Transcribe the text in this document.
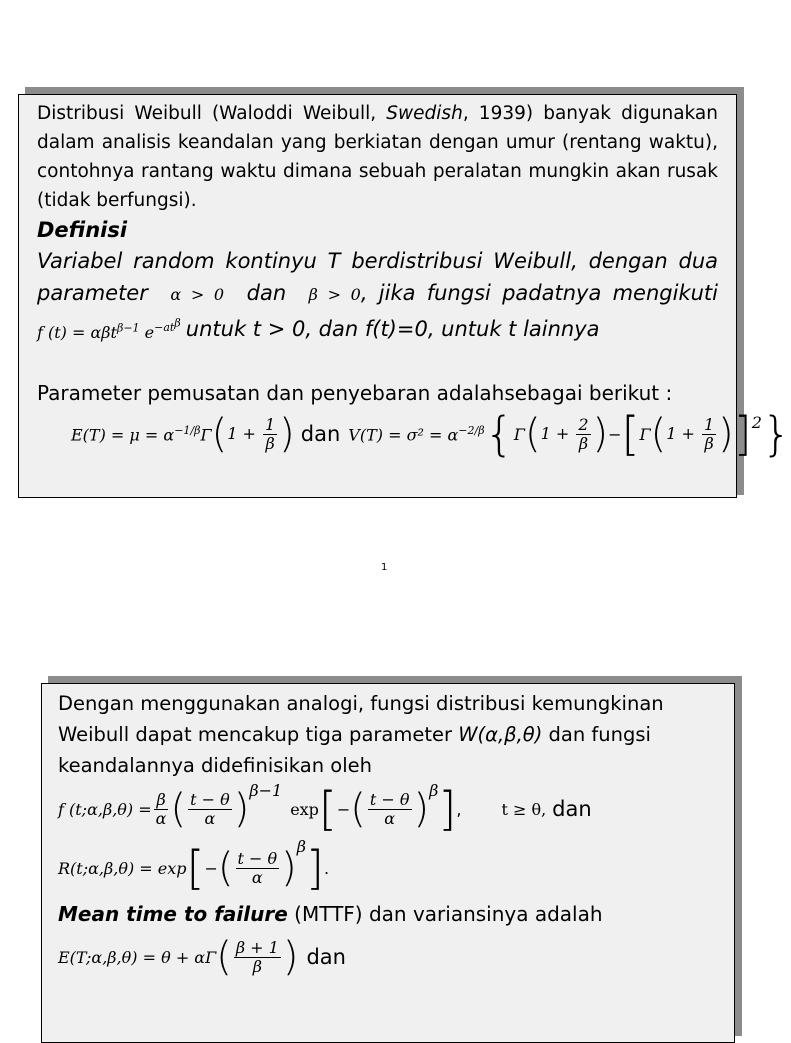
Distribusi Weibull (Waloddi Weibull, Swedish, 1939) banyak digunakan dalam analisis keandalan yang berkiatan dengan umur (rentang waktu), contohnya rantang waktu dimana sebuah peralatan mungkin akan rusak (tidak berfungsi).

Definisi

Variabel random kontinyu T berdistribusi Weibull, dengan dua parameter α > 0 dan β > 0, jika fungsi padatnya mengikuti

f (t) = αβt$^{\beta-1}$ $e^{-at^\beta}$
untuk t > 0, dan f(t)=0, untuk t lainnya

Parameter pemusatan dan penyebaran adalahsebagai berikut :

$E(T) = \mu = \alpha^{-1/\beta}\Gamma$ ( $1 + \frac{1}{\beta}$ ) dan $V(T) = \sigma^2 = \alpha^{-2/\beta}$ { Γ ( $1 + \frac{2}{\beta}$ ) − [ Γ ( $1 + \frac{1}{\beta}$ ) ] 2 }
1

Dengan menggunakan analogi, fungsi distribusi kemungkinan Weibull dapat mencakup tiga parameter W(α,β,θ) dan fungsi keandalannya didefinisikan oleh

f (t;α,β,θ) = $\frac{\beta}{\alpha}$ ( $\frac{t - \theta}{\alpha}$ ) β−1
exp [ − ( $\frac{t - \theta}{\alpha}$ ) β ] ,	t ≥ θ, dan
R(t;α,β,θ) = exp [ − ( $\frac{t - \theta}{\alpha}$ ) β ] .

Mean time to failure (MTTF) dan variansinya adalah

E(T;α,β,θ) = θ + αΓ ( $\frac{\beta + 1}{\beta}$ ) dan
